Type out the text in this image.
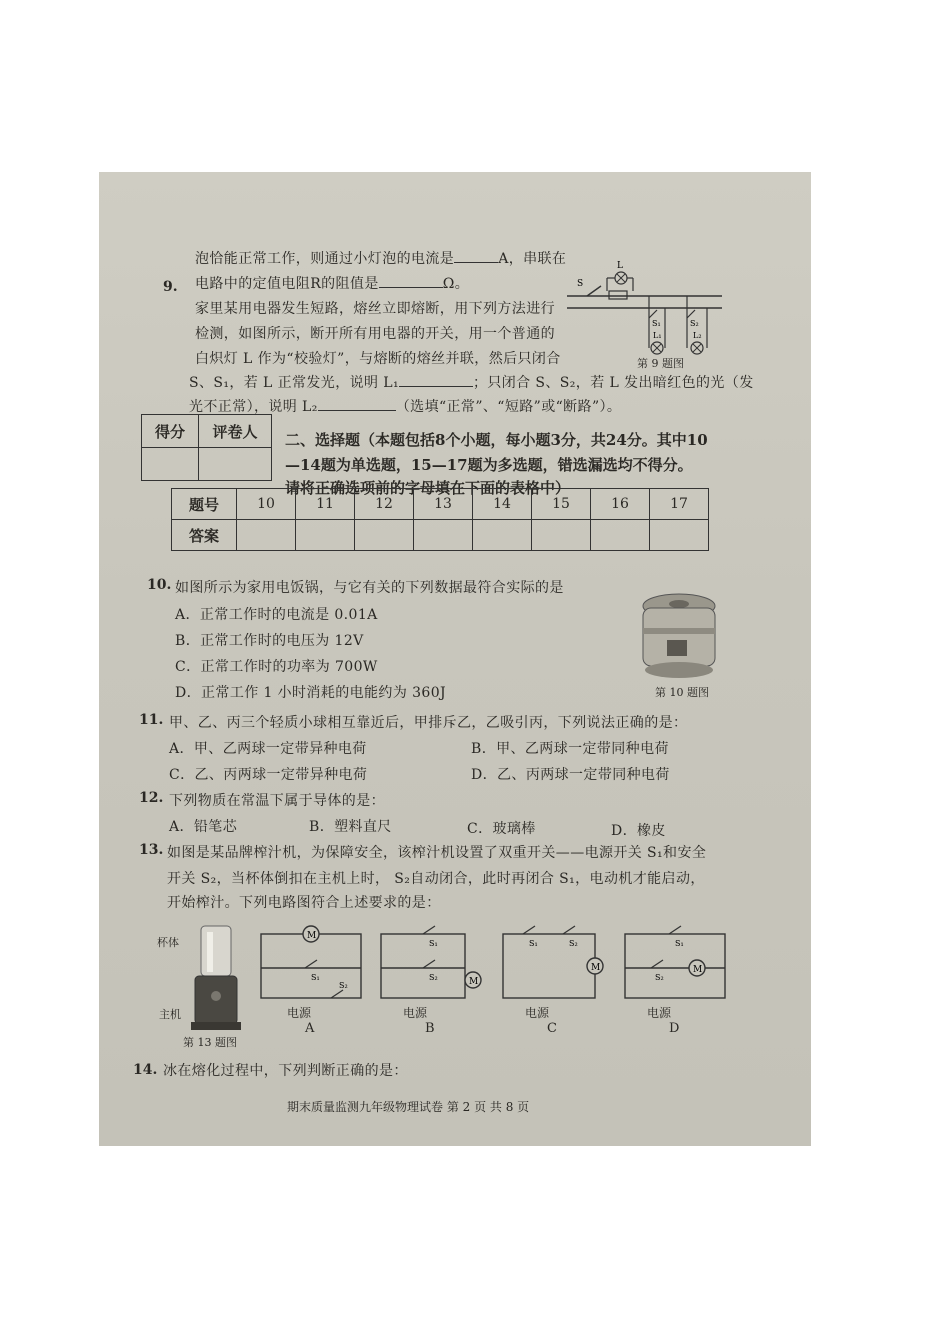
泡恰能正常工作，则通过小灯泡的电流是	A，串联在
电路中的定值电阻R的阻值是	Ω。
9.
家里某用电器发生短路，熔丝立即熔断，用下列方法进行
检测，如图所示，断开所有用电器的开关，用一个普通的
白炽灯 L 作为“校验灯”，与熔断的熔丝并联，然后只闭合
S、S₁，若 L 正常发光，说明 L₁	；只闭合 S、S₂，若 L 发出暗红色的光（发
光不正常），说明 L₂	（选填“正常”、“短路”或“断路”）。
S
L
S₁	S₂
L₁	L₂
第 9 题图
得分	评卷人
	二、选择题（本题包括8个小题，每小题3分，共24分。其中10
—14题为单选题，15—17题为多选题，错选漏选均不得分。
请将正确选项前的字母填在下面的表格中）
题号	10	11	12	13	14	15	16	17
答案								
10. 如图所示为家用电饭锅，与它有关的下列数据最符合实际的是
A．正常工作时的电流是 0.01A
B．正常工作时的电压为 12V
C．正常工作时的功率为 700W
D．正常工作 1 小时消耗的电能约为 360J	第 10 题图
11. 甲、乙、丙三个轻质小球相互靠近后，甲排斥乙，乙吸引丙，下列说法正确的是：
A．甲、乙两球一定带异种电荷	B．甲、乙两球一定带同种电荷
C．乙、丙两球一定带异种电荷	D．乙、丙两球一定带同种电荷
12. 下列物质在常温下属于导体的是：
A．铅笔芯	B．塑料直尺	C．玻璃棒	D．橡皮
13. 如图是某品牌榨汁机，为保障安全，该榨汁机设置了双重开关——电源开关 S₁和安全
开关 S₂，当杯体倒扣在主机上时， S₂自动闭合，此时再闭合 S₁，电动机才能启动，
开始榨汁。下列电路图符合上述要求的是：
杯体
主机
第 13 题图
M
S₁
S₂
电源
A
S₁
S₂	M
电源
B
S₁	S₂
M
电源
C
S₁
S₂
M
电源
D
14. 冰在熔化过程中，下列判断正确的是：
期末质量监测九年级物理试卷 第 2 页 共 8 页
